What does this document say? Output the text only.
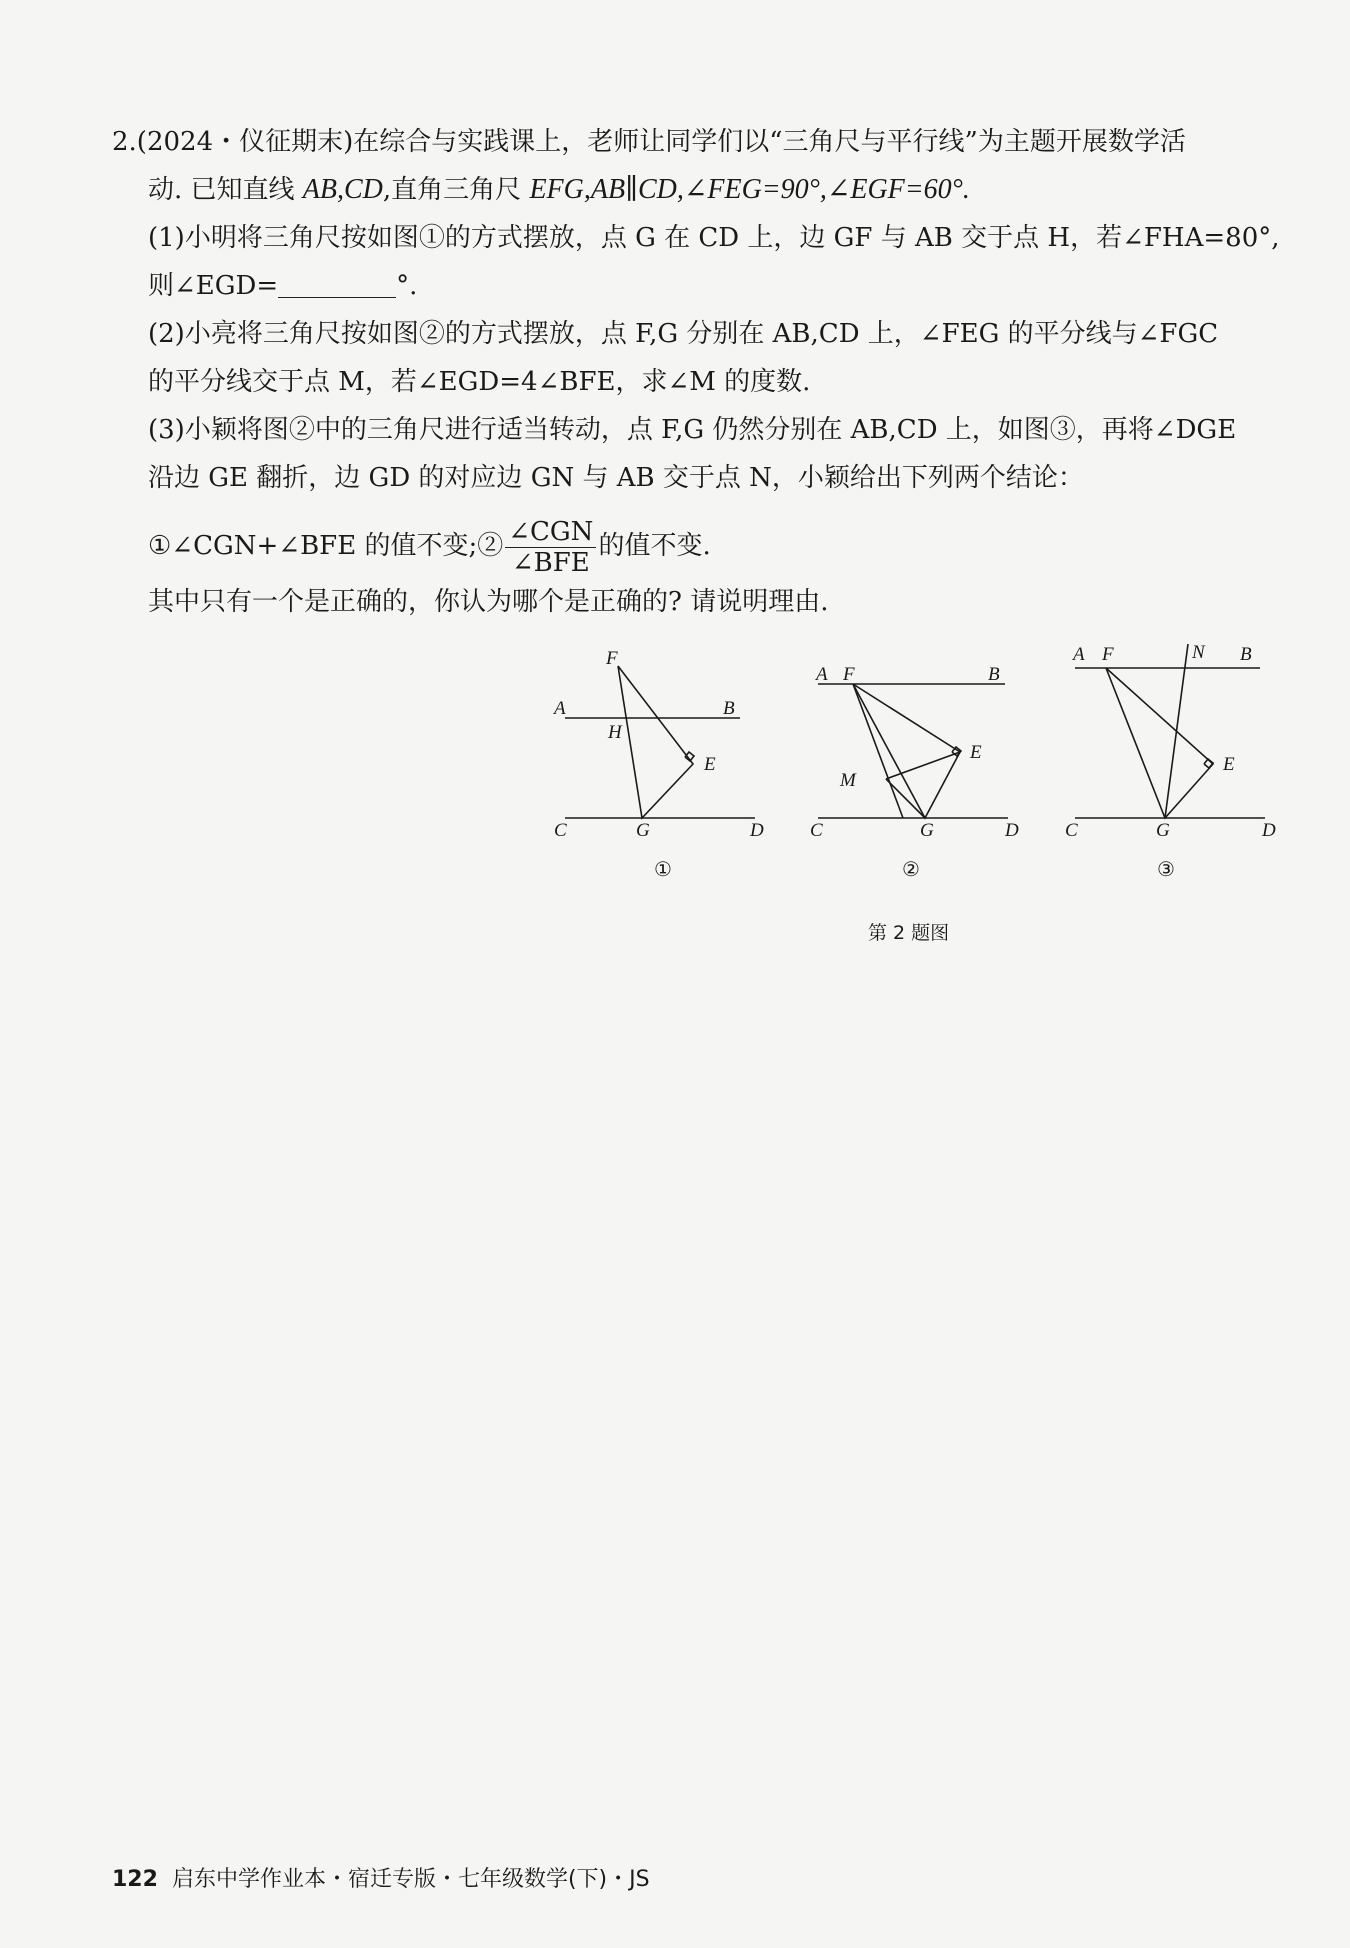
2.(2024・仪征期末)在综合与实践课上，老师让同学们以“三角尺与平行线”为主题开展数学活
动. 已知直线 AB,CD,直角三角尺 EFG,AB∥CD,∠FEG=90°,∠EGF=60°.
(1)小明将三角尺按如图①的方式摆放，点 G 在 CD 上，边 GF 与 AB 交于点 H，若∠FHA=80°,
则∠EGD=	°.
(2)小亮将三角尺按如图②的方式摆放，点 F,G 分别在 AB,CD 上，∠FEG 的平分线与∠FGC
的平分线交于点 M，若∠EGD=4∠BFE，求∠M 的度数.
(3)小颖将图②中的三角尺进行适当转动，点 F,G 仍然分别在 AB,CD 上，如图③，再将∠DGE
沿边 GE 翻折，边 GD 的对应边 GN 与 AB 交于点 N，小颖给出下列两个结论：
①∠CGN+∠BFE 的值不变;② $\frac{\text{∠CGN}}{\text{∠BFE}}$ 的值不变.
其中只有一个是正确的，你认为哪个是正确的? 请说明理由.
F
A	B
H
E
C	G	D
①
A F	B
E
M
C	G	D
②
A F	N B
E
C	G	D
③
第 2 题图
122 启东中学作业本・宿迁专版・七年级数学(下)・JS
